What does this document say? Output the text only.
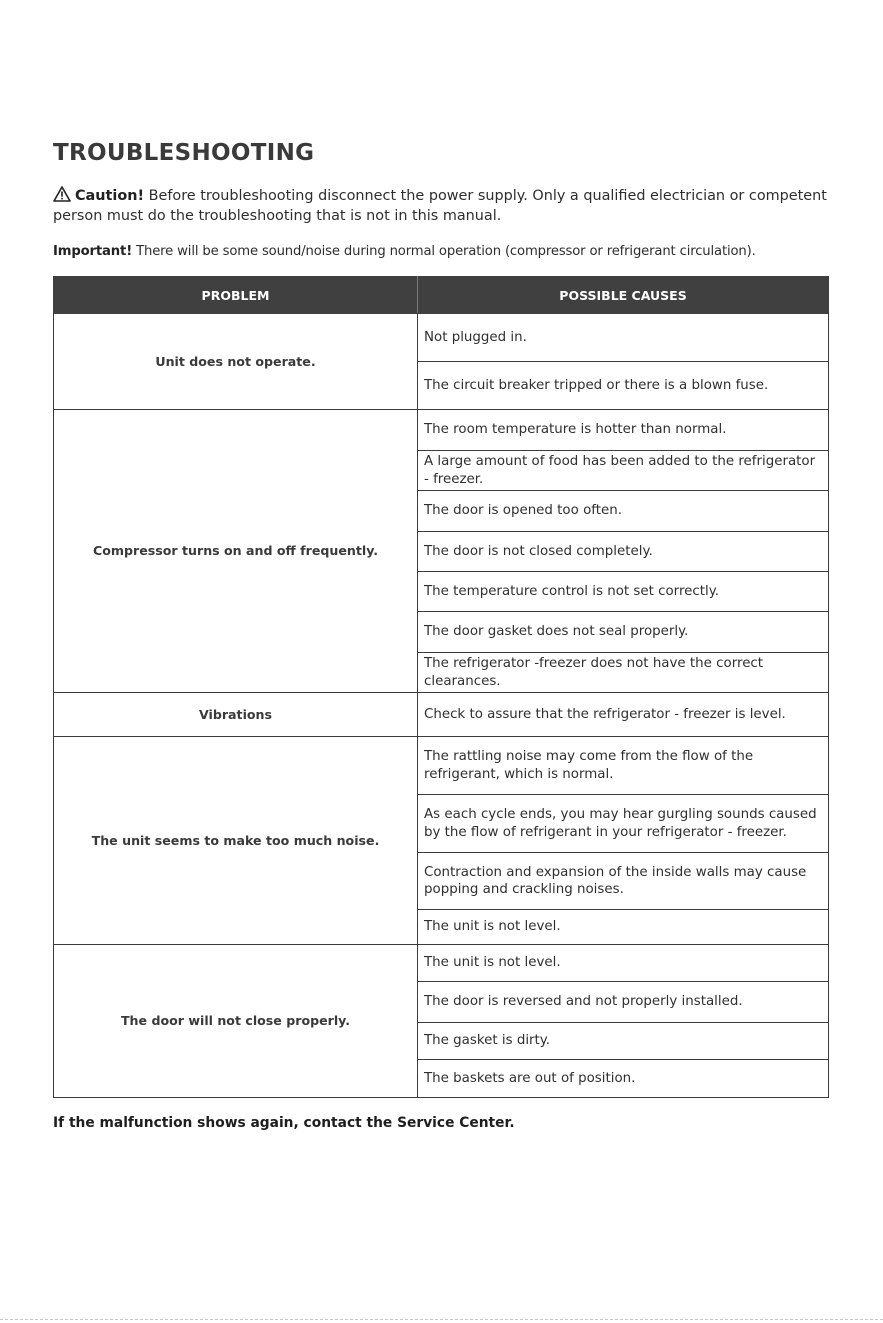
TROUBLESHOOTING
Caution! Before troubleshooting disconnect the power supply. Only a qualified electrician or competent person must do the troubleshooting that is not in this manual.
Important! There will be some sound/noise during normal operation (compressor or refrigerant circulation).
PROBLEM	POSSIBLE CAUSES
Unit does not operate.	Not plugged in.
	The circuit breaker tripped or there is a blown fuse.
Compressor turns on and off frequently.	The room temperature is hotter than normal.
	A large amount of food has been added to the refrigerator - freezer.
	The door is opened too often.
	The door is not closed completely.
	The temperature control is not set correctly.
	The door gasket does not seal properly.
	The refrigerator -freezer does not have the correct clearances.
Vibrations	Check to assure that the refrigerator - freezer is level.
The unit seems to make too much noise.	The rattling noise may come from the flow of the refrigerant, which is normal.
	As each cycle ends, you may hear gurgling sounds caused by the flow of refrigerant in your refrigerator - freezer.
	Contraction and expansion of the inside walls may cause popping and crackling noises.
	The unit is not level.
The door will not close properly.	The unit is not level.
	The door is reversed and not properly installed.
	The gasket is dirty.
	The baskets are out of position.
If the malfunction shows again, contact the Service Center.
